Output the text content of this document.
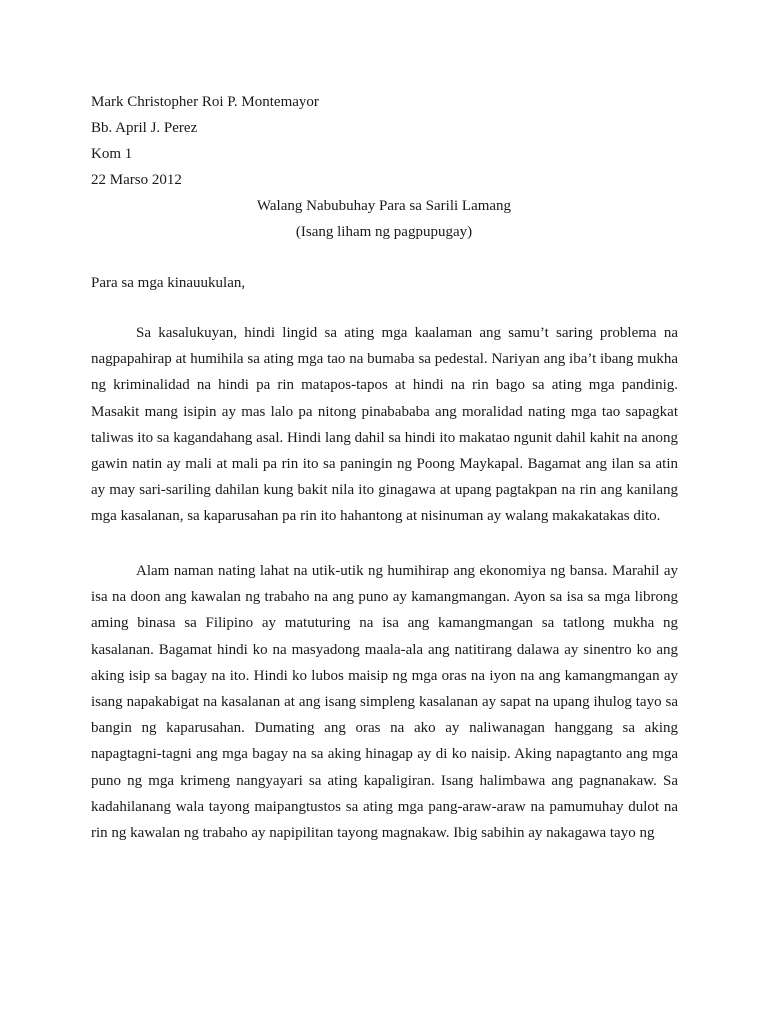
Mark Christopher Roi P. Montemayor
Bb. April J. Perez
Kom 1
22 Marso 2012
Walang Nabubuhay Para sa Sarili Lamang
(Isang liham ng pagpupugay)
Para sa mga kinauukulan,

Sa kasalukuyan, hindi lingid sa ating mga kaalaman ang samu’t saring problema na nagpapahirap at humihila sa ating mga tao na bumaba sa pedestal. Nariyan ang iba’t ibang mukha ng kriminalidad na hindi pa rin matapos-tapos at hindi na rin bago sa ating mga pandinig. Masakit mang isipin ay mas lalo pa nitong pinabababa ang moralidad nating mga tao sapagkat taliwas ito sa kagandahang asal. Hindi lang dahil sa hindi ito makatao ngunit dahil kahit na anong gawin natin ay mali at mali pa rin ito sa paningin ng Poong Maykapal. Bagamat ang ilan sa atin ay may sari-sariling dahilan kung bakit nila ito ginagawa at upang pagtakpan na rin ang kanilang mga kasalanan, sa kaparusahan pa rin ito hahantong at nisinuman ay walang makakatakas dito.

Alam naman nating lahat na utik-utik ng humihirap ang ekonomiya ng bansa. Marahil ay isa na doon ang kawalan ng trabaho na ang puno ay kamangmangan. Ayon sa isa sa mga librong aming binasa sa Filipino ay matuturing na isa ang kamangmangan sa tatlong mukha ng kasalanan. Bagamat hindi ko na masyadong maala-ala ang natitirang dalawa ay sinentro ko ang aking isip sa bagay na ito. Hindi ko lubos maisip ng mga oras na iyon na ang kamangmangan ay isang napakabigat na kasalanan at ang isang simpleng kasalanan ay sapat na upang ihulog tayo sa bangin ng kaparusahan. Dumating ang oras na ako ay naliwanagan hanggang sa aking napagtagni-tagni ang mga bagay na sa aking hinagap ay di ko naisip. Aking napagtanto ang mga puno ng mga krimeng nangyayari sa ating kapaligiran. Isang halimbawa ang pagnanakaw. Sa kadahilanang wala tayong maipangtustos sa ating mga pang-araw-araw na pamumuhay dulot na rin ng kawalan ng trabaho ay napipilitan tayong magnakaw. Ibig sabihin ay nakagawa tayo ng
